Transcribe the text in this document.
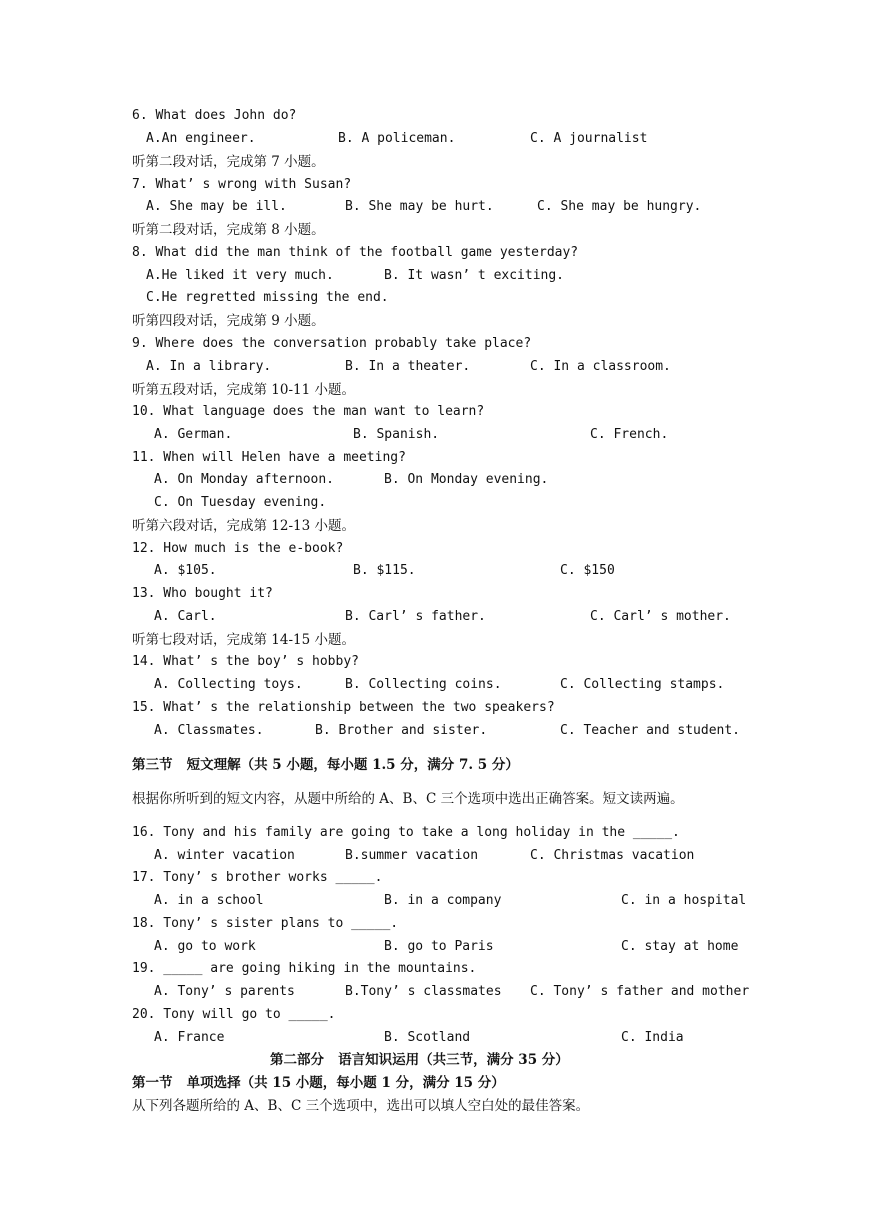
6. What does John do?
A.An engineer.	B. A policeman.	C. A journalist
听第二段对话，完成第 7 小题。
7. What’ s wrong with Susan?
A. She may be ill.	B. She may be hurt.	C. She may be hungry.
听第二段对话，完成第 8 小题。
8. What did the man think of the football game yesterday?
A.He liked it very much.	B. It wasn’ t exciting.
C.He regretted missing the end.
听第四段对话，完成第 9 小题。
9. Where does the conversation probably take place?
A. In a library.	B. In a theater.	C. In a classroom.
听第五段对话，完成第 10-11 小题。
10. What language does the man want to learn?
A. German.	B. Spanish.	C. French.
11. When will Helen have a meeting?
A. On Monday afternoon.	B. On Monday evening.
C. On Tuesday evening.
听第六段对话，完成第 12-13 小题。
12. How much is the e-book?
A. $105.	B. $115.	C. $150
13. Who bought it?
A. Carl.	B. Carl’ s father.	C. Carl’ s mother.
听第七段对话，完成第 14-15 小题。
14. What’ s the boy’ s hobby?
A. Collecting toys.	B. Collecting coins.	C. Collecting stamps.
15. What’ s the relationship between the two speakers?
A. Classmates.	B. Brother and sister.	C. Teacher and student.
第三节   短文理解（共 5 小题，每小题 1.5 分，满分 7. 5 分）
根据你所听到的短文内容，从题中所给的 A、B、C 三个选项中选出正确答案。短文读两遍。
16. Tony and his family are going to take a long holiday in the _____.
A. winter vacation	B.summer vacation	C. Christmas vacation
17. Tony’ s brother works _____.
A. in a school	B. in a company	C. in a hospital
18. Tony’ s sister plans to _____.
A. go to work	B. go to Paris	C. stay at home
19. _____ are going hiking in the mountains.
A. Tony’ s parents	B.Tony’ s classmates C. Tony’ s father and mother
20. Tony will go to _____.
A. France	B. Scotland	C. India
第二部分   语言知识运用（共三节，满分 35 分）
第一节   单项选择（共 15 小题，每小题 1 分，满分 15 分）
从下列各题所给的 A、B、C 三个选项中，选出可以填人空白处的最佳答案。
